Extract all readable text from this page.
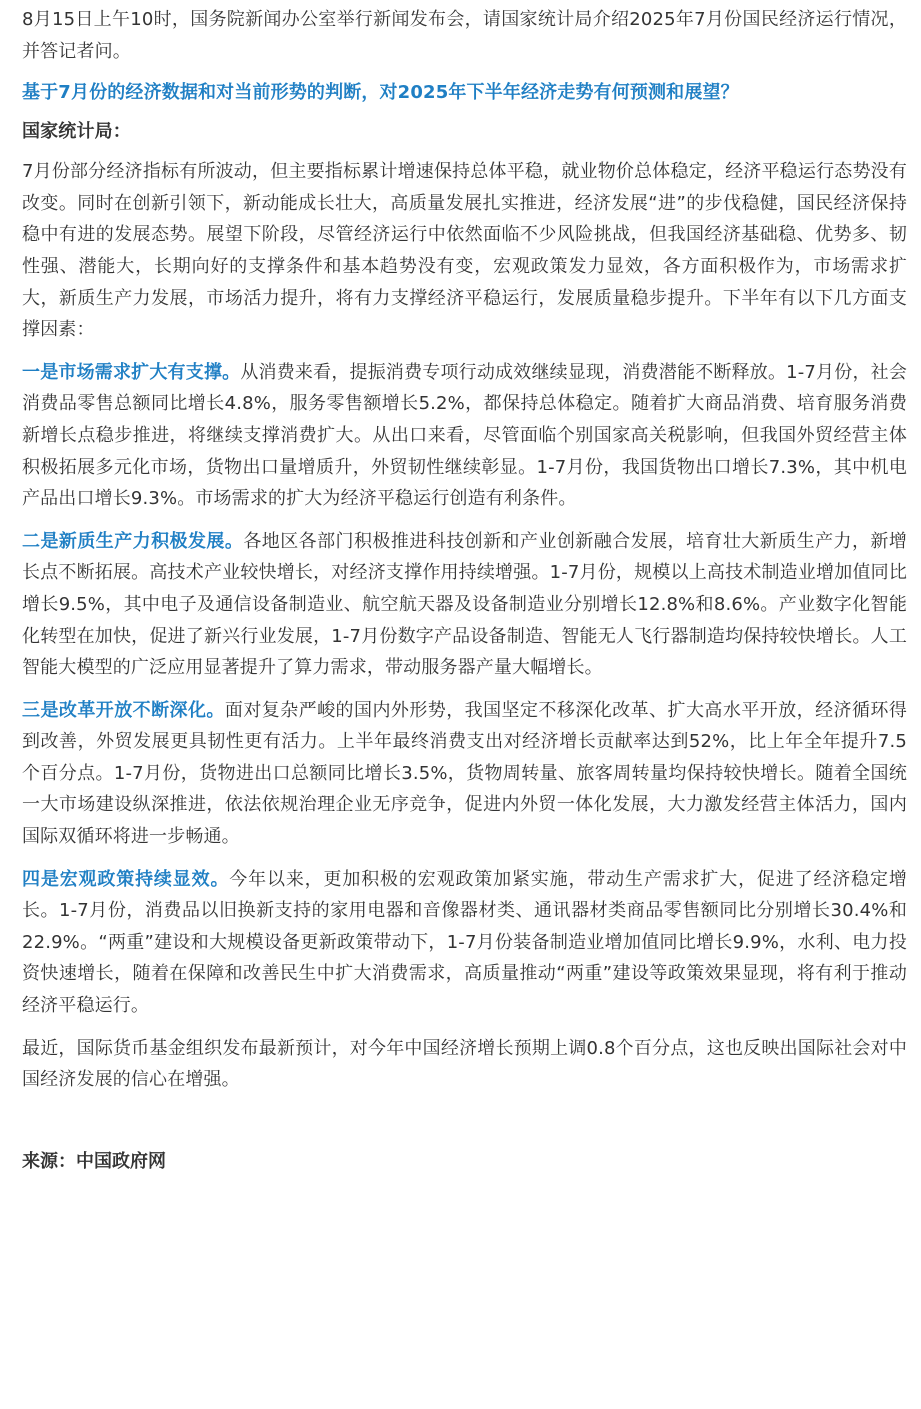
8月15日上午10时，国务院新闻办公室举行新闻发布会，请国家统计局介绍2025年7月份国民经济运行情况，并答记者问。

基于7月份的经济数据和对当前形势的判断，对2025年下半年经济走势有何预测和展望？

国家统计局：

7月份部分经济指标有所波动，但主要指标累计增速保持总体平稳，就业物价总体稳定，经济平稳运行态势没有改变。同时在创新引领下，新动能成长壮大，高质量发展扎实推进，经济发展“进”的步伐稳健，国民经济保持稳中有进的发展态势。展望下阶段，尽管经济运行中依然面临不少风险挑战，但我国经济基础稳、优势多、韧性强、潜能大，长期向好的支撑条件和基本趋势没有变，宏观政策发力显效，各方面积极作为，市场需求扩大，新质生产力发展，市场活力提升，将有力支撑经济平稳运行，发展质量稳步提升。下半年有以下几方面支撑因素：

一是市场需求扩大有支撑。从消费来看，提振消费专项行动成效继续显现，消费潜能不断释放。1-7月份，社会消费品零售总额同比增长4.8%，服务零售额增长5.2%，都保持总体稳定。随着扩大商品消费、培育服务消费新增长点稳步推进，将继续支撑消费扩大。从出口来看，尽管面临个别国家高关税影响，但我国外贸经营主体积极拓展多元化市场，货物出口量增质升，外贸韧性继续彰显。1-7月份，我国货物出口增长7.3%，其中机电产品出口增长9.3%。市场需求的扩大为经济平稳运行创造有利条件。

二是新质生产力积极发展。各地区各部门积极推进科技创新和产业创新融合发展，培育壮大新质生产力，新增长点不断拓展。高技术产业较快增长，对经济支撑作用持续增强。1-7月份，规模以上高技术制造业增加值同比增长9.5%，其中电子及通信设备制造业、航空航天器及设备制造业分别增长12.8%和8.6%。产业数字化智能化转型在加快，促进了新兴行业发展，1-7月份数字产品设备制造、智能无人飞行器制造均保持较快增长。人工智能大模型的广泛应用显著提升了算力需求，带动服务器产量大幅增长。

三是改革开放不断深化。面对复杂严峻的国内外形势，我国坚定不移深化改革、扩大高水平开放，经济循环得到改善，外贸发展更具韧性更有活力。上半年最终消费支出对经济增长贡献率达到52%，比上年全年提升7.5个百分点。1-7月份，货物进出口总额同比增长3.5%，货物周转量、旅客周转量均保持较快增长。随着全国统一大市场建设纵深推进，依法依规治理企业无序竞争，促进内外贸一体化发展，大力激发经营主体活力，国内国际双循环将进一步畅通。

四是宏观政策持续显效。今年以来，更加积极的宏观政策加紧实施，带动生产需求扩大，促进了经济稳定增长。1-7月份，消费品以旧换新支持的家用电器和音像器材类、通讯器材类商品零售额同比分别增长30.4%和22.9%。“两重”建设和大规模设备更新政策带动下，1-7月份装备制造业增加值同比增长9.9%，水利、电力投资快速增长，随着在保障和改善民生中扩大消费需求，高质量推动“两重”建设等政策效果显现，将有利于推动经济平稳运行。

最近，国际货币基金组织发布最新预计，对今年中国经济增长预期上调0.8个百分点，这也反映出国际社会对中国经济发展的信心在增强。

来源：中国政府网
